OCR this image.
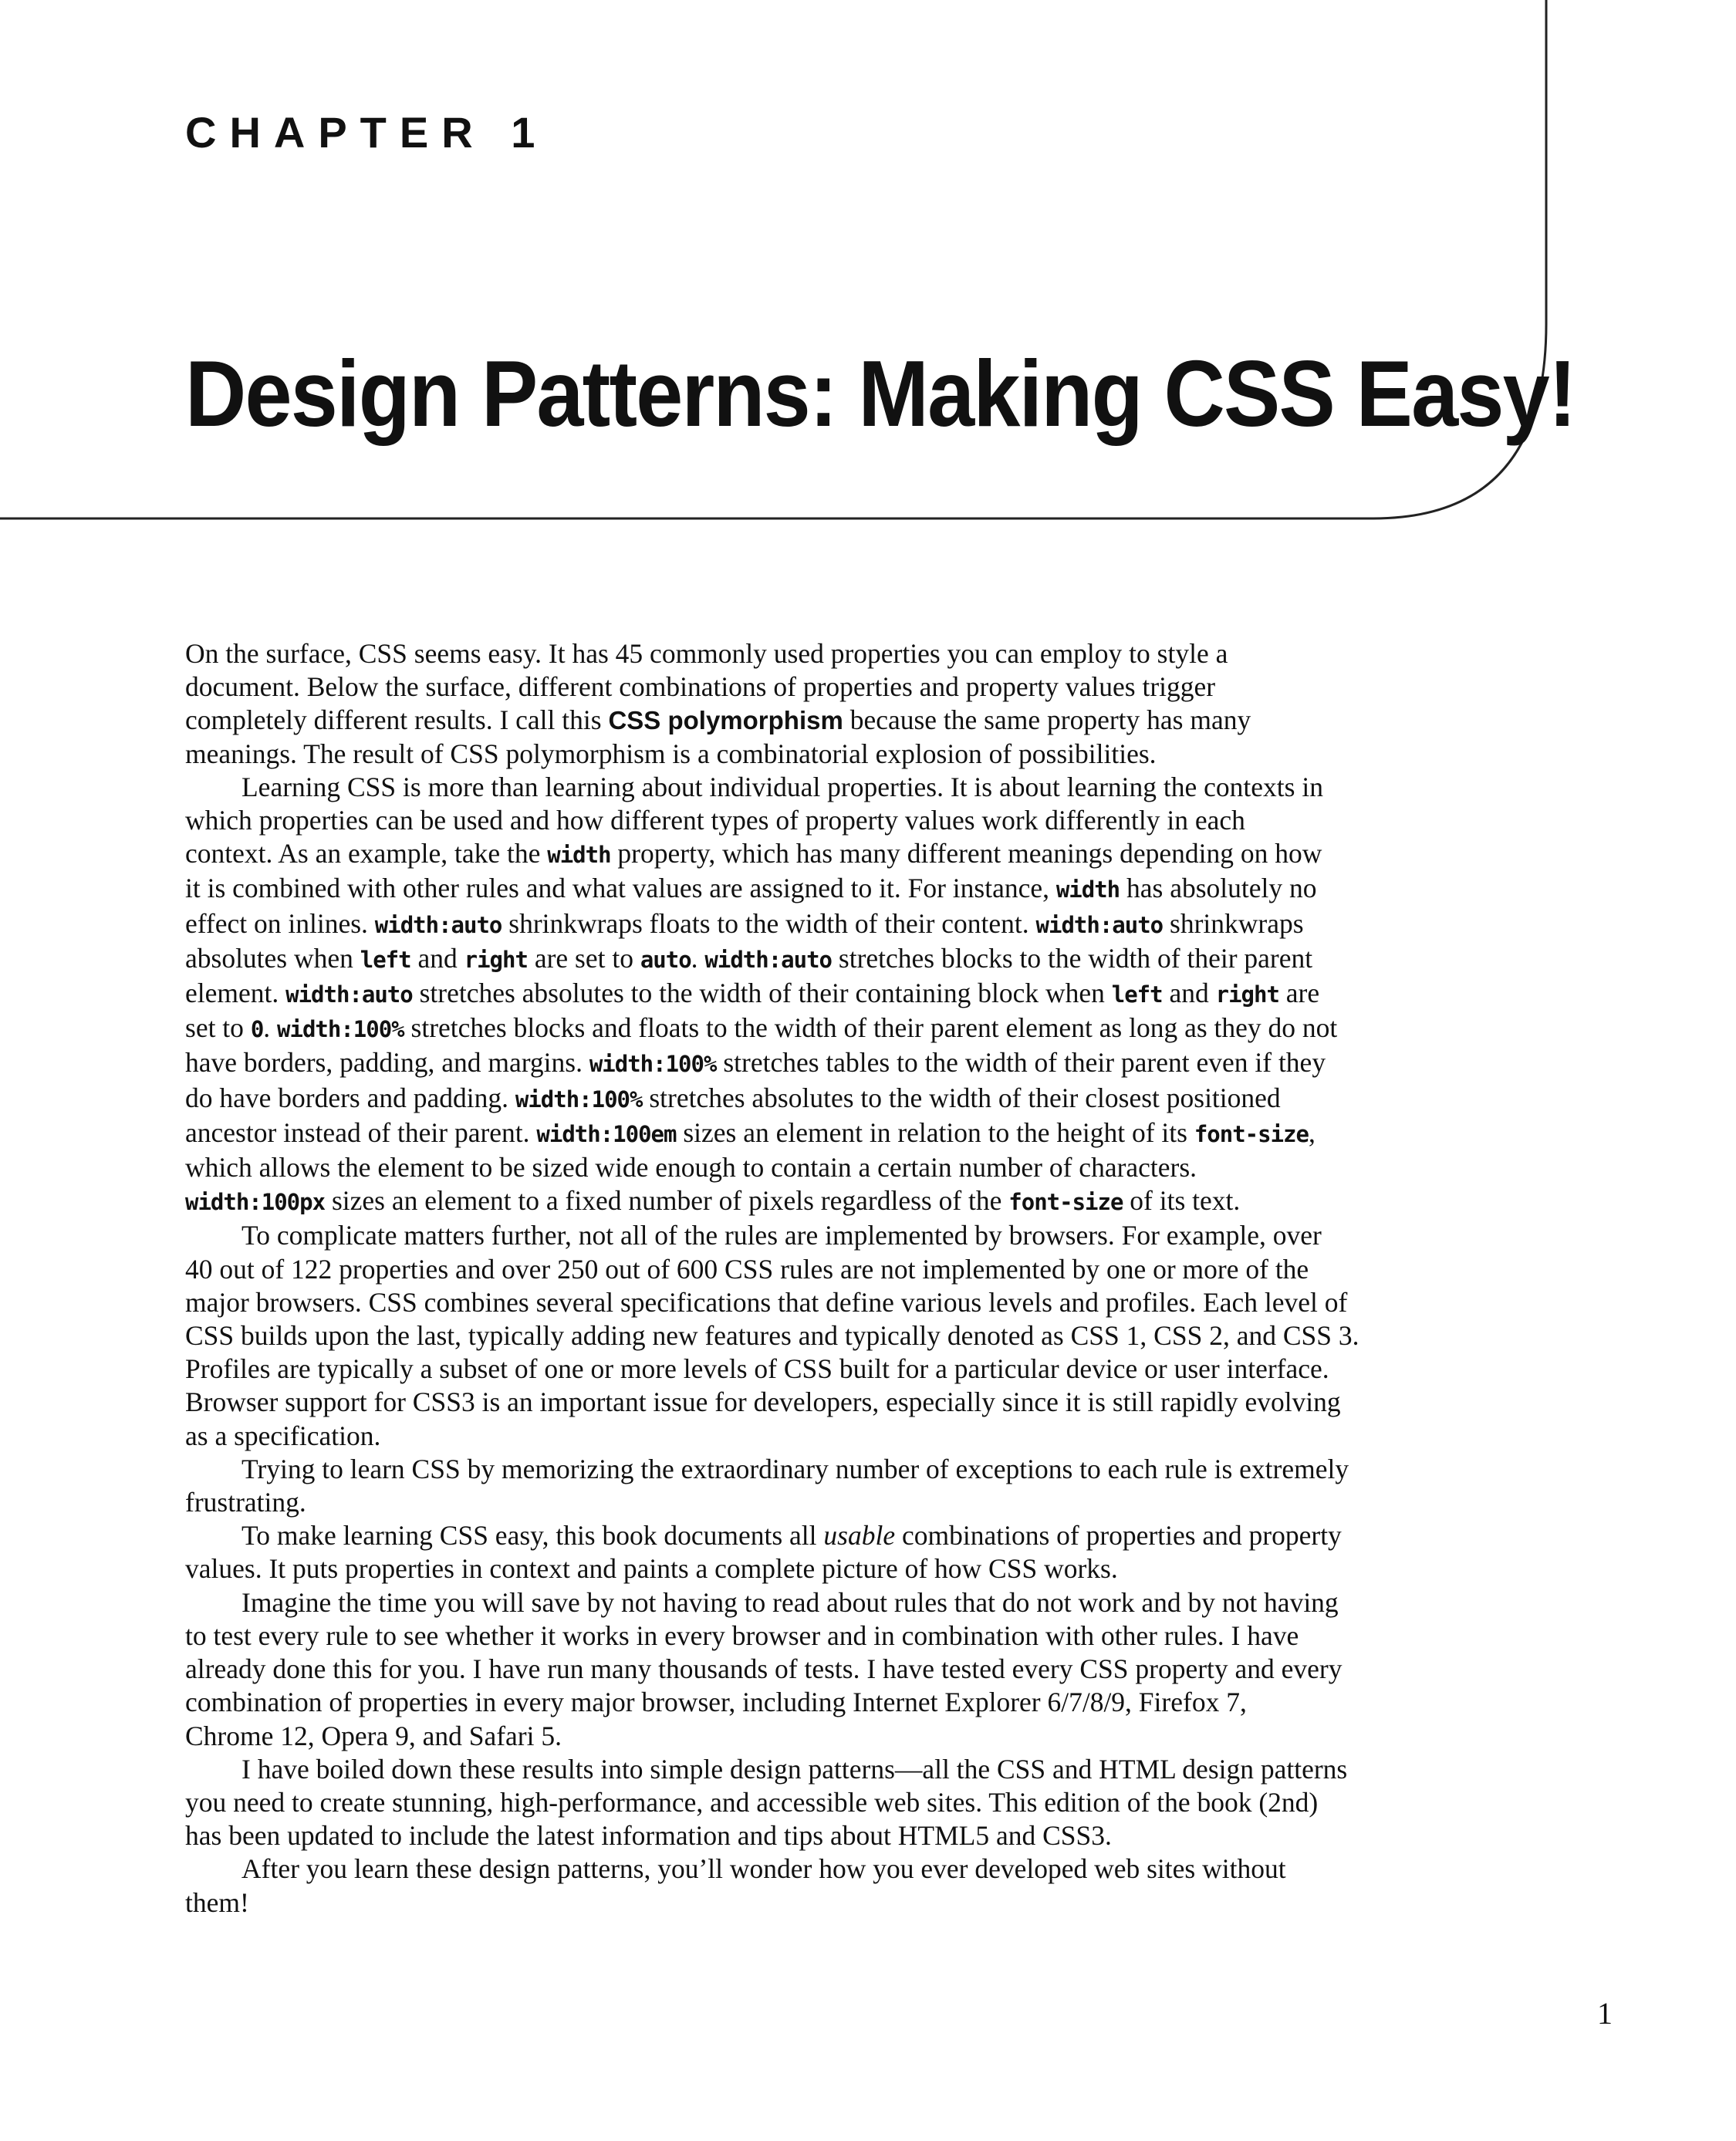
CHAPTER 1
Design Patterns: Making CSS Easy!

On the surface, CSS seems easy. It has 45 commonly used properties you can employ to style a
document. Below the surface, different combinations of properties and property values trigger
completely different results. I call this CSS polymorphism because the same property has many
meanings. The result of CSS polymorphism is a combinatorial explosion of possibilities.

Learning CSS is more than learning about individual properties. It is about learning the contexts in
which properties can be used and how different types of property values work differently in each
context. As an example, take the width property, which has many different meanings depending on how
it is combined with other rules and what values are assigned to it. For instance, width has absolutely no
effect on inlines. width:auto shrinkwraps floats to the width of their content. width:auto shrinkwraps
absolutes when left and right are set to auto. width:auto stretches blocks to the width of their parent
element. width:auto stretches absolutes to the width of their containing block when left and right are
set to 0. width:100% stretches blocks and floats to the width of their parent element as long as they do not
have borders, padding, and margins. width:100% stretches tables to the width of their parent even if they
do have borders and padding. width:100% stretches absolutes to the width of their closest positioned
ancestor instead of their parent. width:100em sizes an element in relation to the height of its font-size,
which allows the element to be sized wide enough to contain a certain number of characters.
width:100px sizes an element to a fixed number of pixels regardless of the font-size of its text.

To complicate matters further, not all of the rules are implemented by browsers. For example, over
40 out of 122 properties and over 250 out of 600 CSS rules are not implemented by one or more of the
major browsers. CSS combines several specifications that define various levels and profiles. Each level of
CSS builds upon the last, typically adding new features and typically denoted as CSS 1, CSS 2, and CSS 3.
Profiles are typically a subset of one or more levels of CSS built for a particular device or user interface.
Browser support for CSS3 is an important issue for developers, especially since it is still rapidly evolving
as a specification.

Trying to learn CSS by memorizing the extraordinary number of exceptions to each rule is extremely
frustrating.

To make learning CSS easy, this book documents all usable combinations of properties and property
values. It puts properties in context and paints a complete picture of how CSS works.

Imagine the time you will save by not having to read about rules that do not work and by not having
to test every rule to see whether it works in every browser and in combination with other rules. I have
already done this for you. I have run many thousands of tests. I have tested every CSS property and every
combination of properties in every major browser, including Internet Explorer 6/7/8/9, Firefox 7,
Chrome 12, Opera 9, and Safari 5.

I have boiled down these results into simple design patterns—all the CSS and HTML design patterns
you need to create stunning, high-performance, and accessible web sites. This edition of the book (2nd)
has been updated to include the latest information and tips about HTML5 and CSS3.

After you learn these design patterns, you’ll wonder how you ever developed web sites without
them!

1
